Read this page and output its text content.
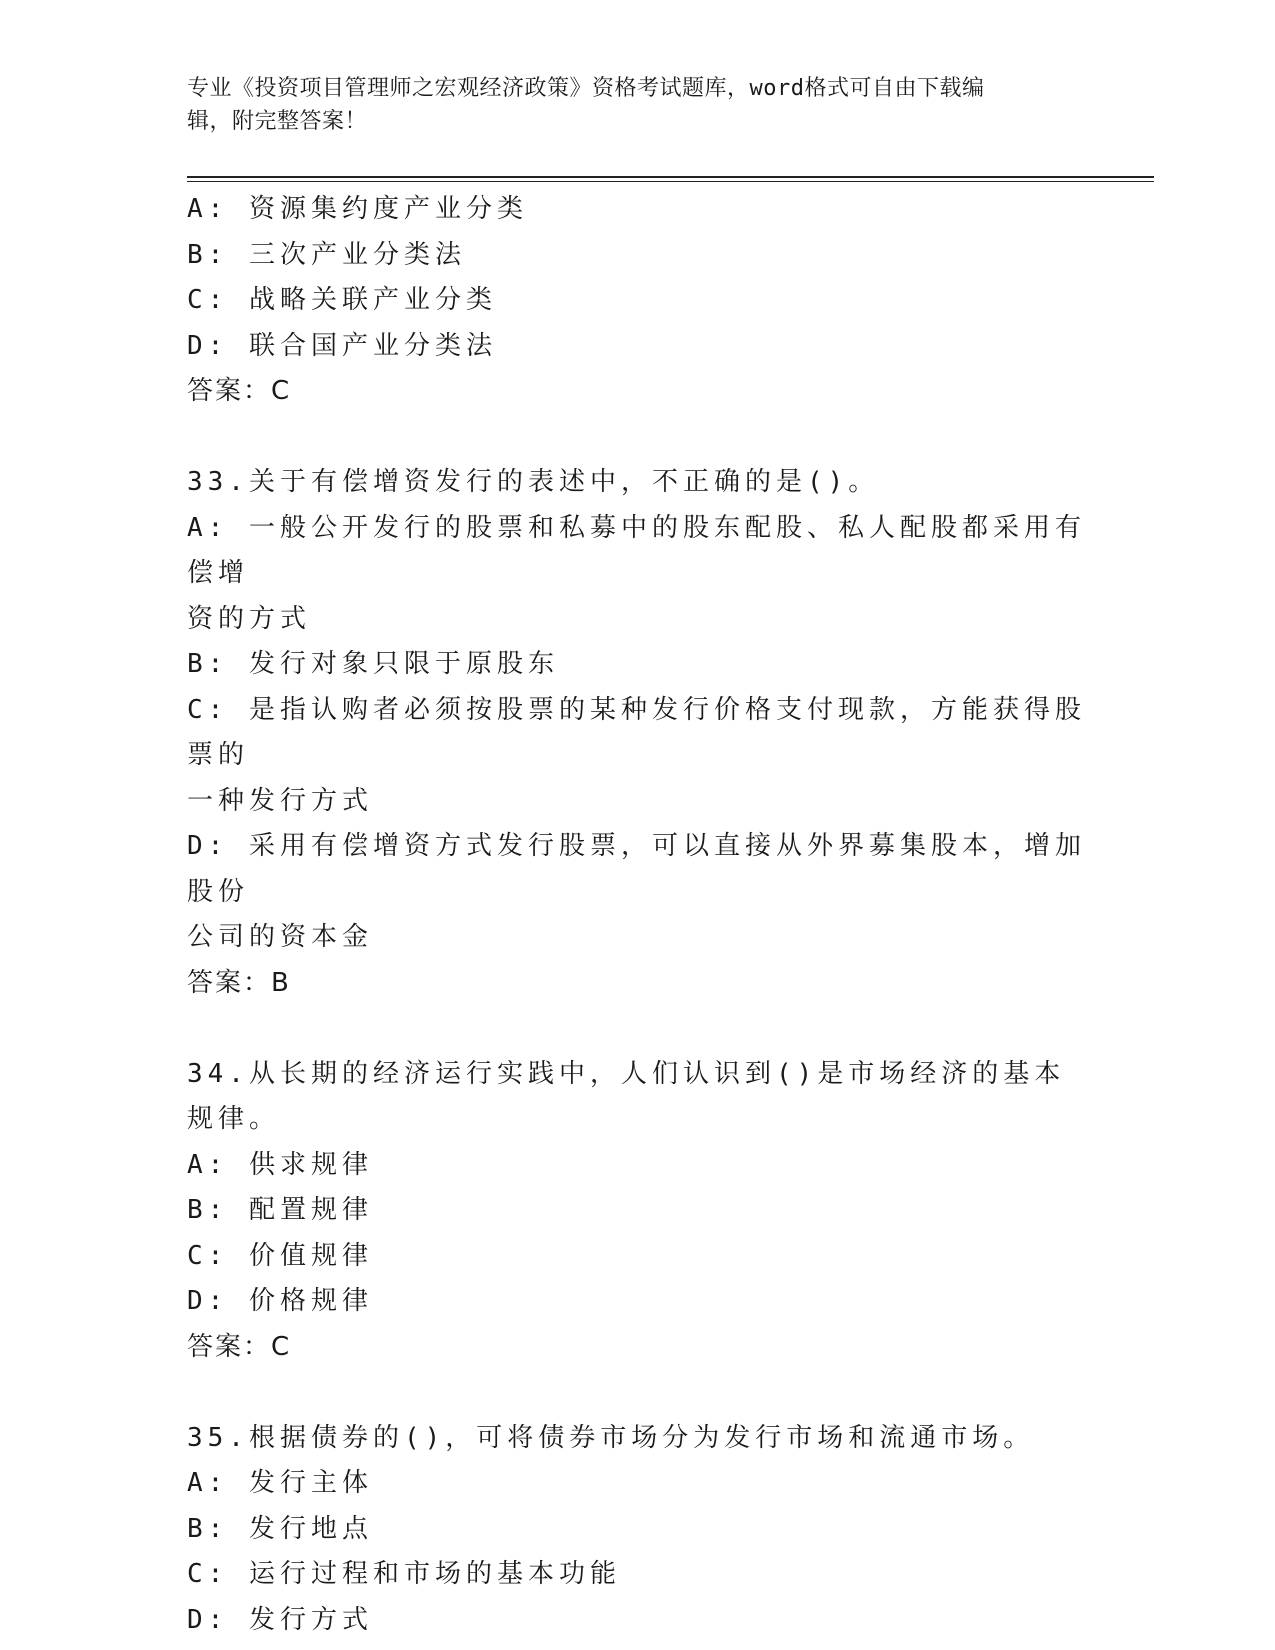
专业《投资项目管理师之宏观经济政策》资格考试题库，word格式可自由下载编
辑，附完整答案！

A: 资源集约度产业分类

B: 三次产业分类法

C: 战略关联产业分类

D: 联合国产业分类法

答案：C

33.关于有偿增资发行的表述中，不正确的是()。

A: 一般公开发行的股票和私募中的股东配股、私人配股都采用有偿增

资的方式

B: 发行对象只限于原股东

C: 是指认购者必须按股票的某种发行价格支付现款，方能获得股票的

一种发行方式

D: 采用有偿增资方式发行股票，可以直接从外界募集股本，增加股份

公司的资本金

答案：B

34.从长期的经济运行实践中，人们认识到()是市场经济的基本规律。

A: 供求规律

B: 配置规律

C: 价值规律

D: 价格规律

答案：C

35.根据债券的()，可将债券市场分为发行市场和流通市场。

A: 发行主体

B: 发行地点

C: 运行过程和市场的基本功能

D: 发行方式
